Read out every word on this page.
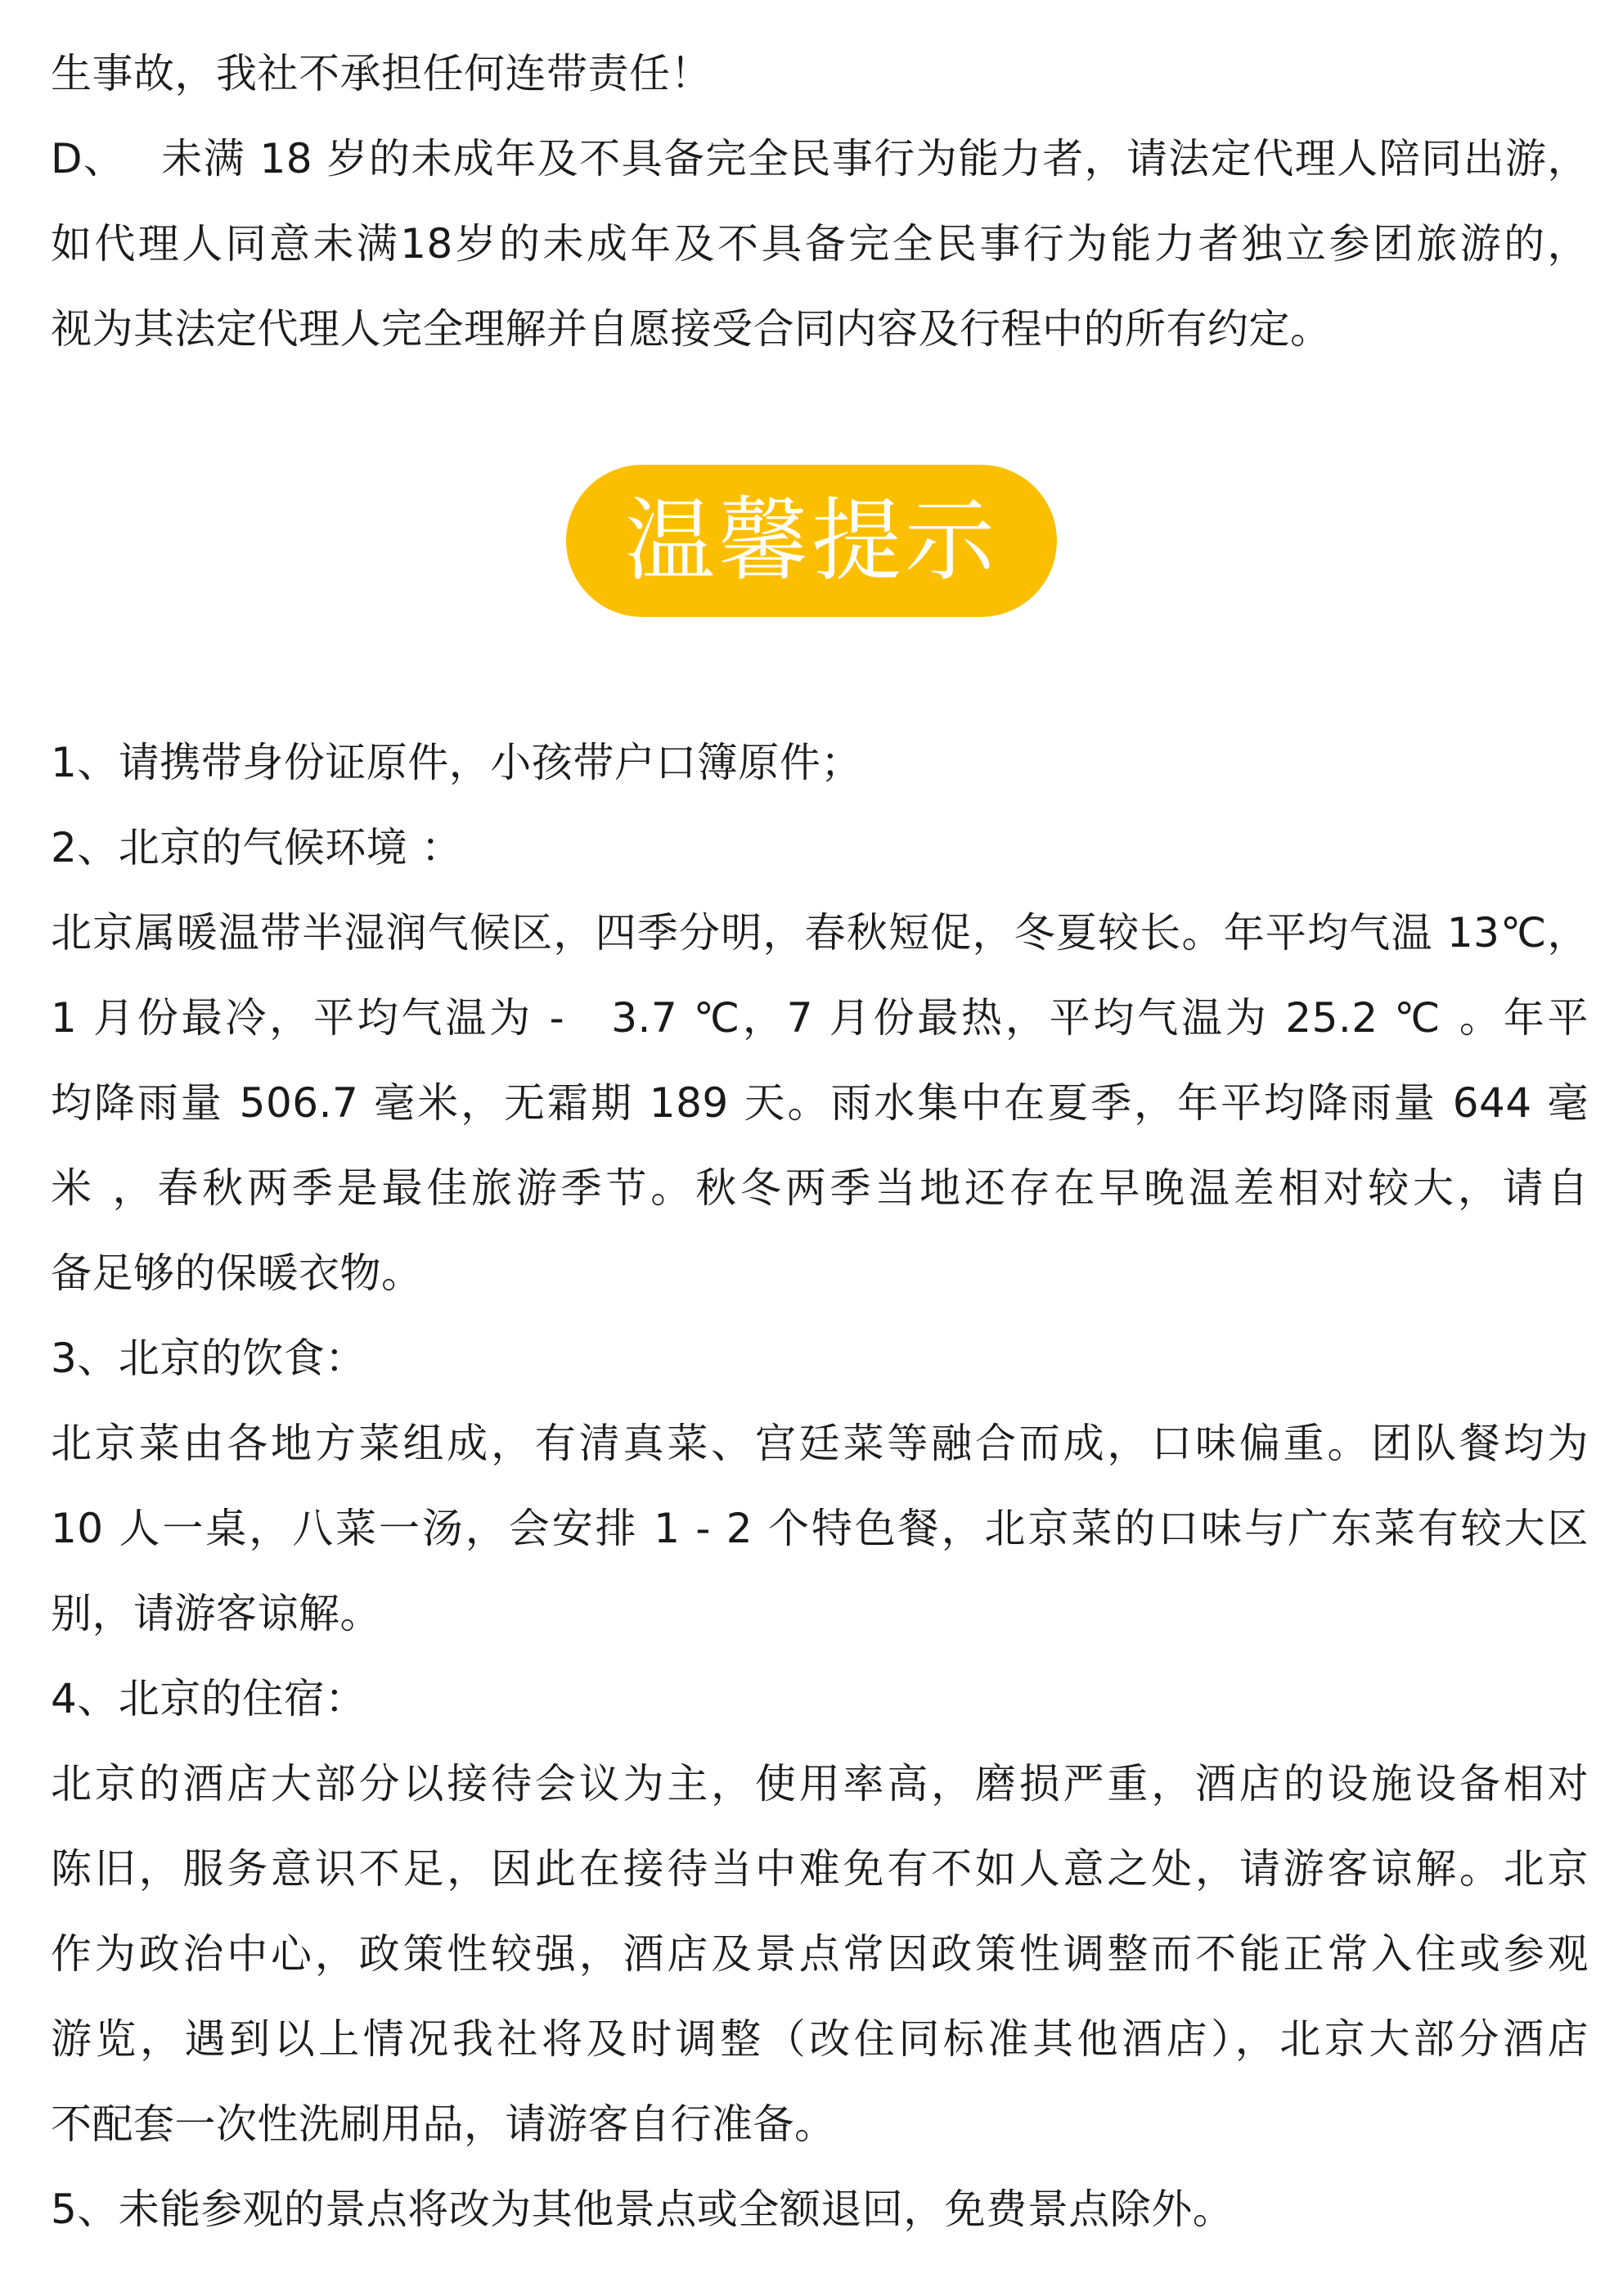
生事故，我社不承担任何连带责任！
D、　 未满 18 岁的未成年及不具备完全民事行为能力者，请法定代理人陪同出游，
如代理人同意未满18岁的未成年及不具备完全民事行为能力者独立参团旅游的，
视为其法定代理人完全理解并自愿接受合同内容及行程中的所有约定。
温馨提示
1、请携带身份证原件，小孩带户口簿原件；
2、北京的气候环境 ：
北京属暖温带半湿润气候区，四季分明，春秋短促，冬夏较长。年平均气温 13℃，
1 月份最冷，平均气温为 -　3.7 ℃，7 月份最热，平均气温为 25.2 ℃ 。年平
均降雨量 506.7 毫米，无霜期 189 天。雨水集中在夏季，年平均降雨量 644 毫
米 ，春秋两季是最佳旅游季节。秋冬两季当地还存在早晚温差相对较大，请自
备足够的保暖衣物。
3、北京的饮食：
北京菜由各地方菜组成，有清真菜、宫廷菜等融合而成，口味偏重。团队餐均为
10 人一桌，八菜一汤，会安排 1 - 2 个特色餐，北京菜的口味与广东菜有较大区
别，请游客谅解。
4、北京的住宿：
北京的酒店大部分以接待会议为主，使用率高，磨损严重，酒店的设施设备相对
陈旧，服务意识不足，因此在接待当中难免有不如人意之处，请游客谅解。北京
作为政治中心，政策性较强，酒店及景点常因政策性调整而不能正常入住或参观
游览，遇到以上情况我社将及时调整（改住同标准其他酒店），北京大部分酒店
不配套一次性洗刷用品，请游客自行准备。
5、未能参观的景点将改为其他景点或全额退回，免费景点除外。
